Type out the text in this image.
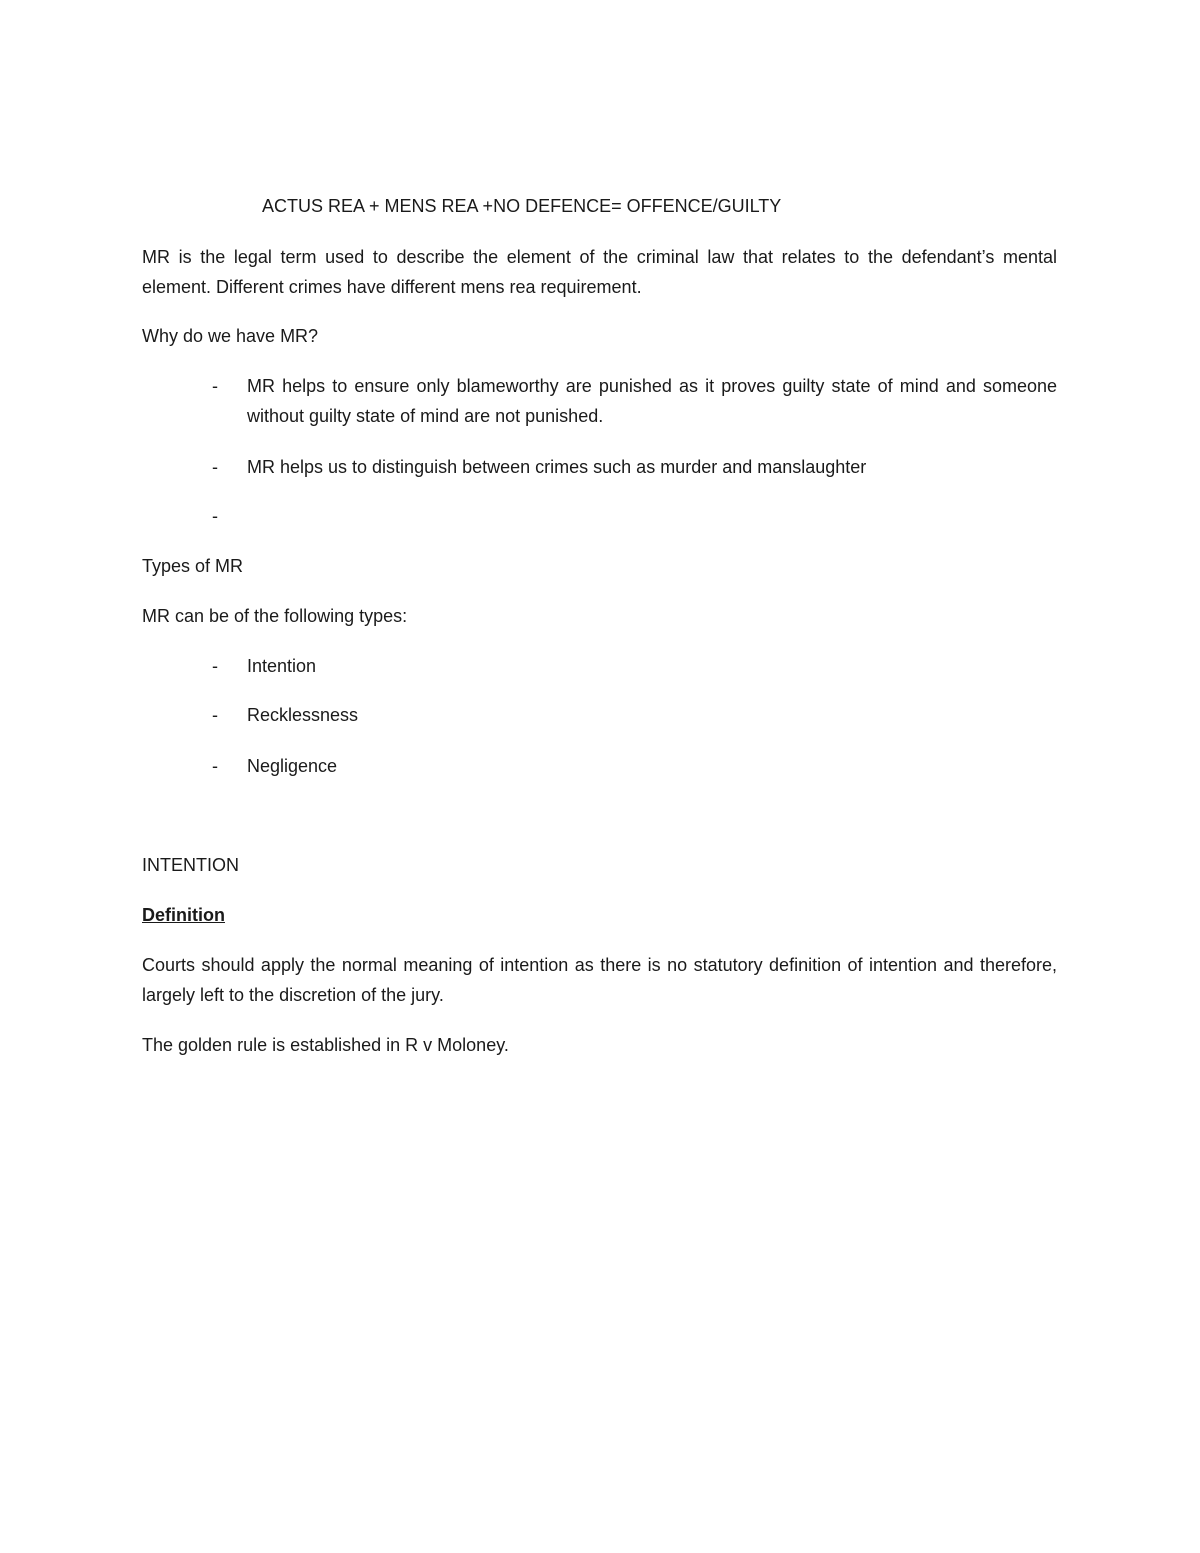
ACTUS REA + MENS REA +NO DEFENCE= OFFENCE/GUILTY
MR is the legal term used to describe the element of the criminal law that relates to the defendant’s mental element. Different crimes have different mens rea requirement.
Why do we have MR?
- MR helps to ensure only blameworthy are punished as it proves guilty state of mind and someone without guilty state of mind are not punished.
- MR helps us to distinguish between crimes such as murder and manslaughter
-
Types of MR
MR can be of the following types:
- Intention
- Recklessness
- Negligence
INTENTION
Definition
Courts should apply the normal meaning of intention as there is no statutory definition of intention and therefore, largely left to the discretion of the jury.
The golden rule is established in R v Moloney.
